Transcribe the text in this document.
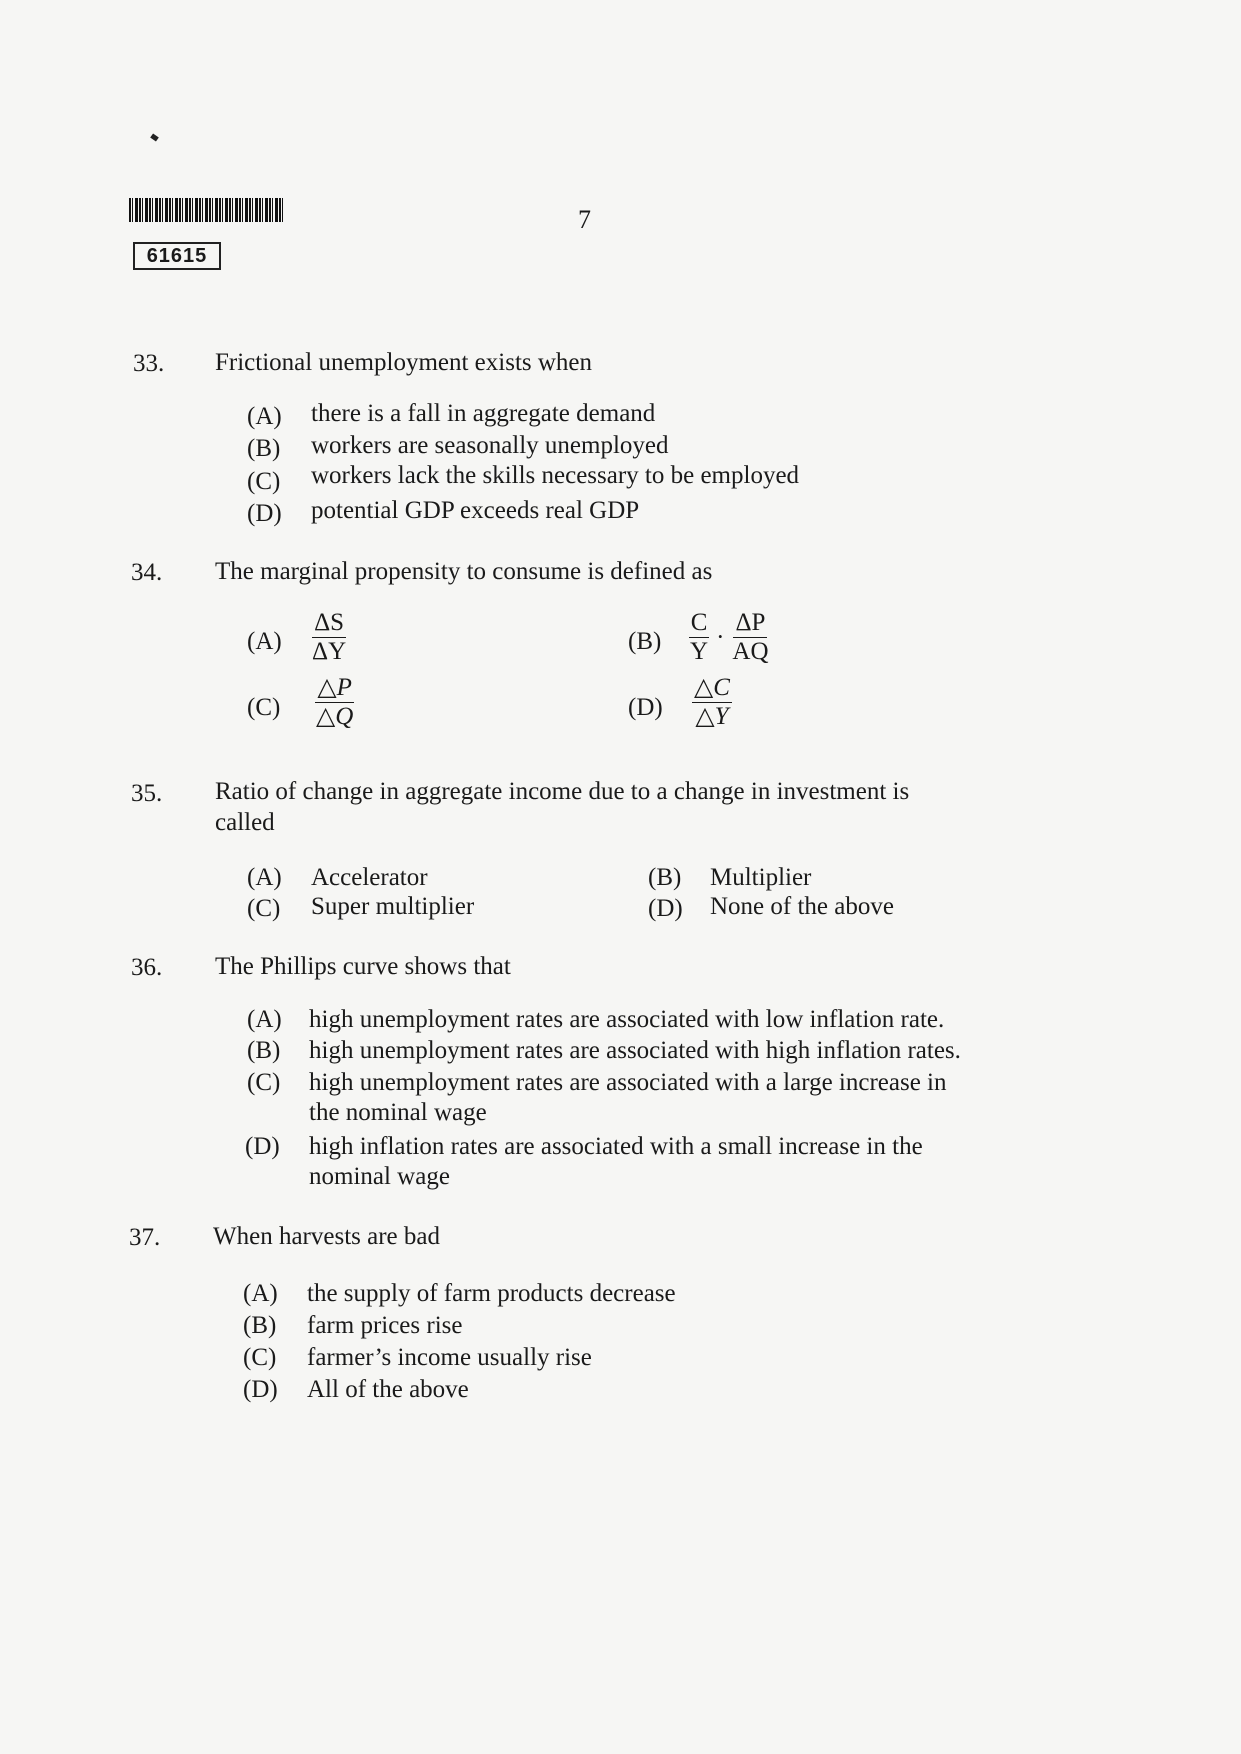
61615
7
33. Frictional unemployment exists when
(A) there is a fall in aggregate demand
(B) workers are seasonally unemployed
(C) workers lack the skills necessary to be employed
(D) potential GDP exceeds real GDP
34. The marginal propensity to consume is defined as
$(A) \frac{\Delta S}{\Delta Y}$	$(B) \frac{C}{Y} \cdot \frac{\Delta P}{AQ}$
$(C) \frac{\triangle P}{\triangle Q}$	$(D) \frac{\triangle C}{\triangle Y}$
35. Ratio of change in aggregate income due to a change in investment is
called
(A) Accelerator	(B) Multiplier
(C) Super multiplier	(D) None of the above
36. The Phillips curve shows that
(A) high unemployment rates are associated with low inflation rate.
(B) high unemployment rates are associated with high inflation rates.
(C) high unemployment rates are associated with a large increase in
the nominal wage
(D) high inflation rates are associated with a small increase in the
nominal wage
37. When harvests are bad
(A) the supply of farm products decrease
(B) farm prices rise
(C) farmer’s income usually rise
(D) All of the above
